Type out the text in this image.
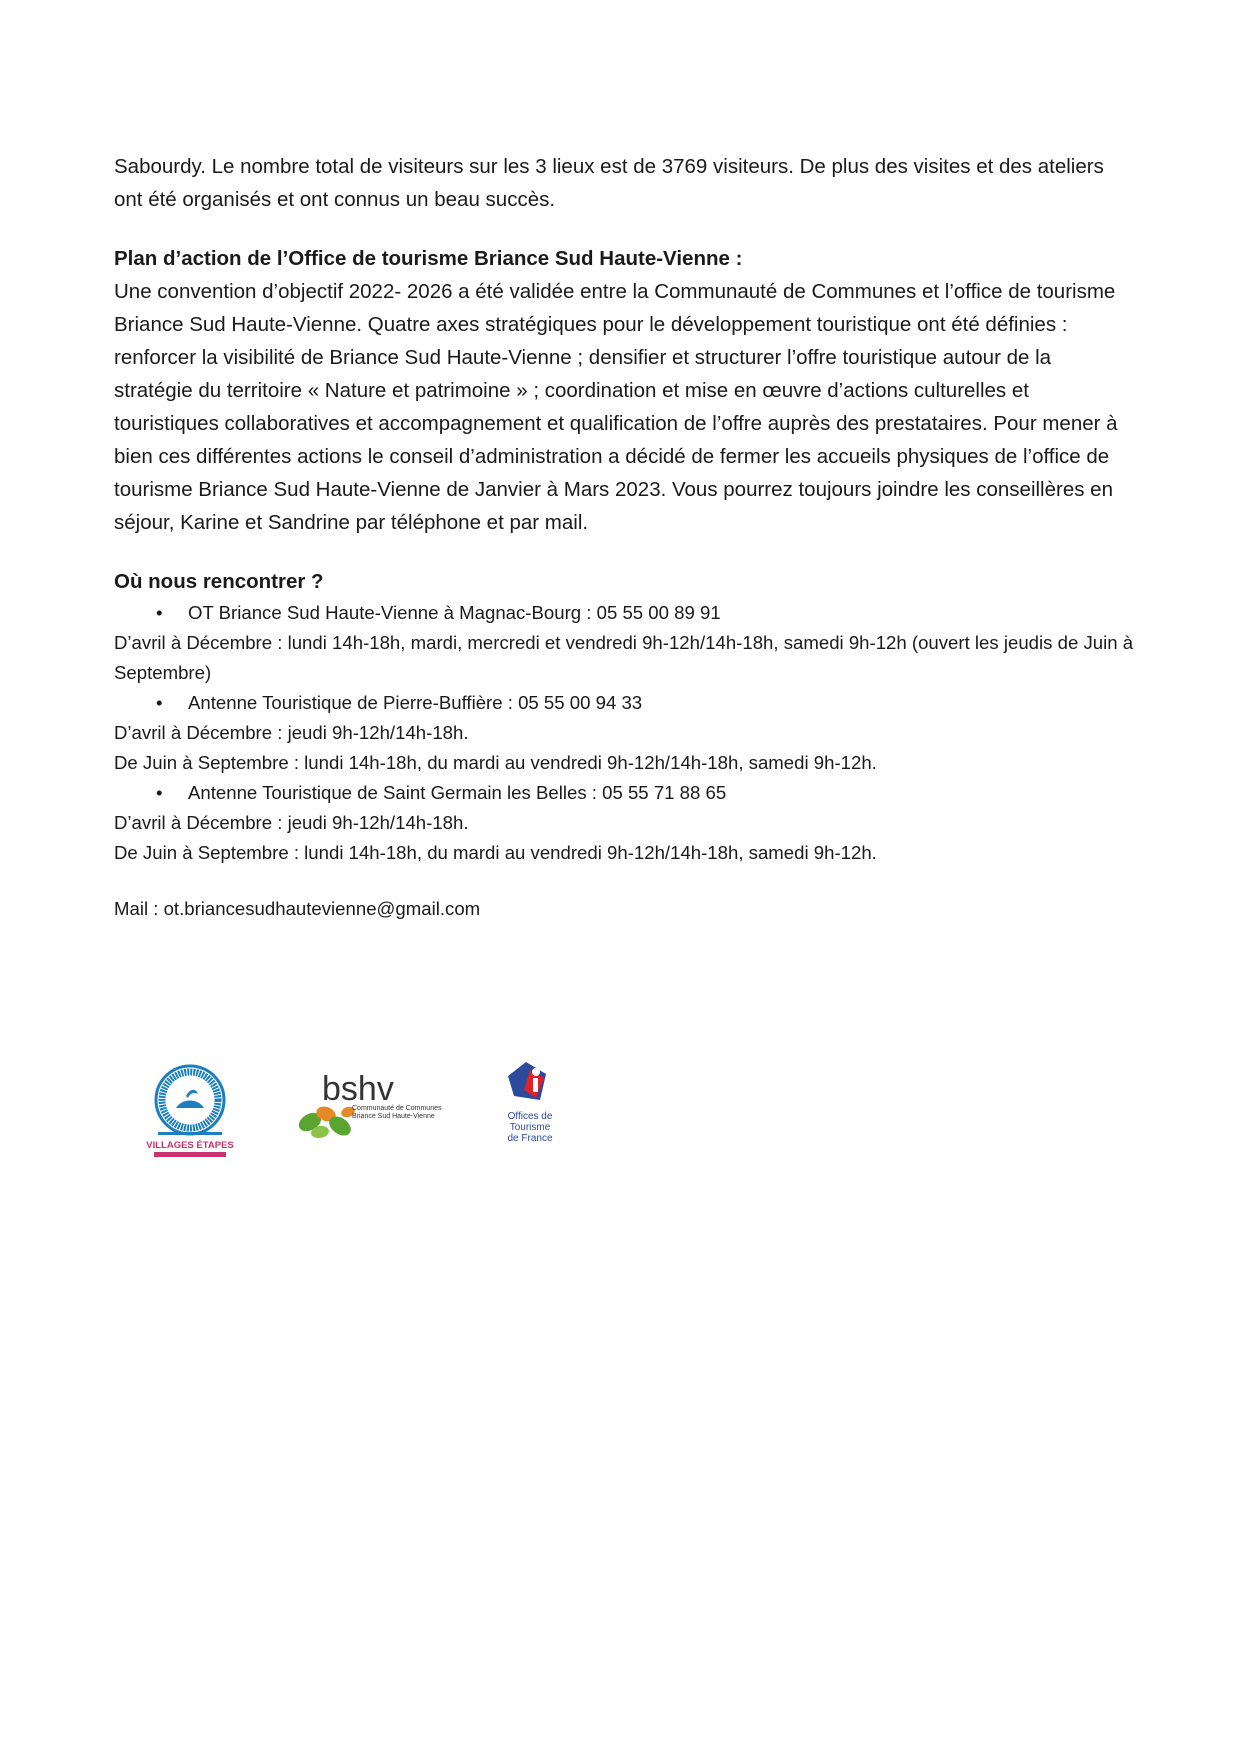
Sabourdy. Le nombre total de visiteurs sur les 3 lieux est de 3769 visiteurs. De plus des visites et des ateliers ont été organisés et ont connus un beau succès.

Plan d’action de l’Office de tourisme Briance Sud Haute-Vienne :

Une convention d’objectif 2022- 2026 a été validée entre la Communauté de Communes et l’office de tourisme Briance Sud Haute-Vienne. Quatre axes stratégiques pour le développement touristique ont été définies : renforcer la visibilité de Briance Sud Haute-Vienne ; densifier et structurer l’offre touristique autour de la stratégie du territoire « Nature et patrimoine » ; coordination et mise en œuvre d’actions culturelles et touristiques collaboratives et accompagnement et qualification de l’offre auprès des prestataires. Pour mener à bien ces différentes actions le conseil d’administration a décidé de fermer les accueils physiques de l’office de tourisme Briance Sud Haute-Vienne de Janvier à Mars 2023. Vous pourrez toujours joindre les conseillères en séjour, Karine et Sandrine par téléphone et par mail.

Où nous rencontrer ?

• OT Briance Sud Haute-Vienne à Magnac-Bourg : 05 55 00 89 91

D’avril à Décembre : lundi 14h-18h, mardi, mercredi et vendredi 9h-12h/14h-18h, samedi 9h-12h (ouvert les jeudis de Juin à Septembre)

• Antenne Touristique de Pierre-Buffière : 05 55 00 94 33

D’avril à Décembre : jeudi 9h-12h/14h-18h.

De Juin à Septembre : lundi 14h-18h, du mardi au vendredi 9h-12h/14h-18h, samedi 9h-12h.

• Antenne Touristique de Saint Germain les Belles : 05 55 71 88 65

D’avril à Décembre : jeudi 9h-12h/14h-18h.

De Juin à Septembre : lundi 14h-18h, du mardi au vendredi 9h-12h/14h-18h, samedi 9h-12h.

Mail : ot.briancesudhautevienne@gmail.com

VILLAGES ÉTAPES
bshv
Communauté de Communes
Briance Sud Haute-Vienne	Offices de
Tourisme
de France
